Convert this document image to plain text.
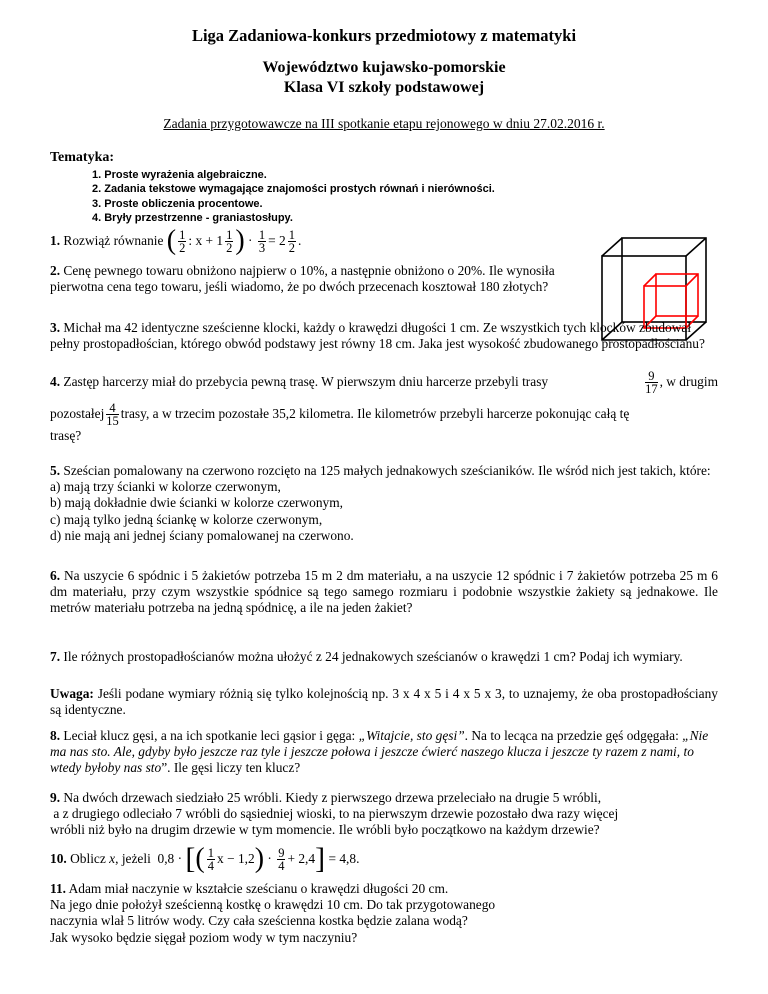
Liga Zadaniowa-konkurs przedmiotowy z matematyki
Województwo kujawsko-pomorskie
Klasa VI szkoły podstawowej
Zadania przygotowawcze na III spotkanie etapu rejonowego w dniu 27.02.2016 r.
Tematyka:
1. Proste wyrażenia algebraiczne.
2. Zadania tekstowe wymagające znajomości prostych równań i nierówności.
3. Proste obliczenia procentowe.
4. Bryły przestrzenne - graniastosłupy.
1.
Rozwiąż równanie
( $\frac{1}{2}$ : $x + 1 \frac{1}{2}$ )
·
$\frac{1}{3} = 2 \frac{1}{2}$ .
2. Cenę pewnego towaru obniżono najpierw o 10%, a następnie obniżono o 20%. Ile wynosiła pierwotna cena tego towaru, jeśli wiadomo, że po dwóch przecenach kosztował 180 złotych?
3. Michał ma 42 identyczne sześcienne klocki, każdy o krawędzi długości 1 cm. Ze wszystkich tych klocków zbudował pełny prostopadłościan, którego obwód podstawy jest równy 18 cm. Jaka jest wysokość zbudowanego prostopadłościanu?
4. Zastęp harcerzy miał do przebycia pewną trasę. W pierwszym dniu harcerze przebyli trasy	$\frac{9}{17}$ , w drugim
pozostałej $\frac{4}{15}$ trasy, a w trzecim pozostałe 35,2 kilometra. Ile kilometrów przebyli harcerze pokonując całą tę
trasę?
5. Sześcian pomalowany na czerwono rozcięto na 125 małych jednakowych sześcianików. Ile wśród nich jest takich, które:
a) mają trzy ścianki w kolorze czerwonym,
b) mają dokładnie dwie ścianki w kolorze czerwonym,
c) mają tylko jedną ściankę w kolorze czerwonym,
d) nie mają ani jednej ściany pomalowanej na czerwono.
6. Na uszycie 6 spódnic i 5 żakietów potrzeba 15 m 2 dm materiału, a na uszycie 12 spódnic i 7 żakietów potrzeba 25 m 6 dm materiału, przy czym wszystkie spódnice są tego samego rozmiaru i podobnie wszystkie żakiety są jednakowe. Ile metrów materiału potrzeba na jedną spódnicę, a ile na jeden żakiet?
7. Ile różnych prostopadłościanów można ułożyć z 24 jednakowych sześcianów o krawędzi 1 cm? Podaj ich wymiary.
Uwaga: Jeśli podane wymiary różnią się tylko kolejnością np. 3 x 4 x 5 i 4 x 5 x 3, to uznajemy, że oba prostopadłościany są identyczne.
8. Leciał klucz gęsi, a na ich spotkanie leci gąsior i gęga: „Witajcie, sto gęsi”. Na to lecąca na przedzie gęś odgęgała: „Nie ma nas sto. Ale, gdyby było jeszcze raz tyle i jeszcze połowa i jeszcze ćwierć naszego klucza i jeszcze ty razem z nami, to wtedy byłoby nas sto”. Ile gęsi liczy ten klucz?
9. Na dwóch drzewach siedziało 25 wróbli. Kiedy z pierwszego drzewa przeleciało na drugie 5 wróbli,
a z drugiego odleciało 7 wróbli do sąsiedniej wioski, to na pierwszym drzewie pozostało dwa razy więcej
wróbli niż było na drugim drzewie w tym momencie. Ile wróbli było początkowo na każdym drzewie?
10.
Oblicz
x , jeżeli
0,8 ·
[ ( $\frac{1}{4}$ x − 1,2 )
·
$\frac{9}{4} + 2,4$ ]
= 4,8.
11. Adam miał naczynie w kształcie sześcianu o krawędzi długości 20 cm.
Na jego dnie położył sześcienną kostkę o krawędzi 10 cm. Do tak przygotowanego
naczynia wlał 5 litrów wody. Czy cała sześcienna kostka będzie zalana wodą?
Jak wysoko będzie sięgał poziom wody w tym naczyniu?
